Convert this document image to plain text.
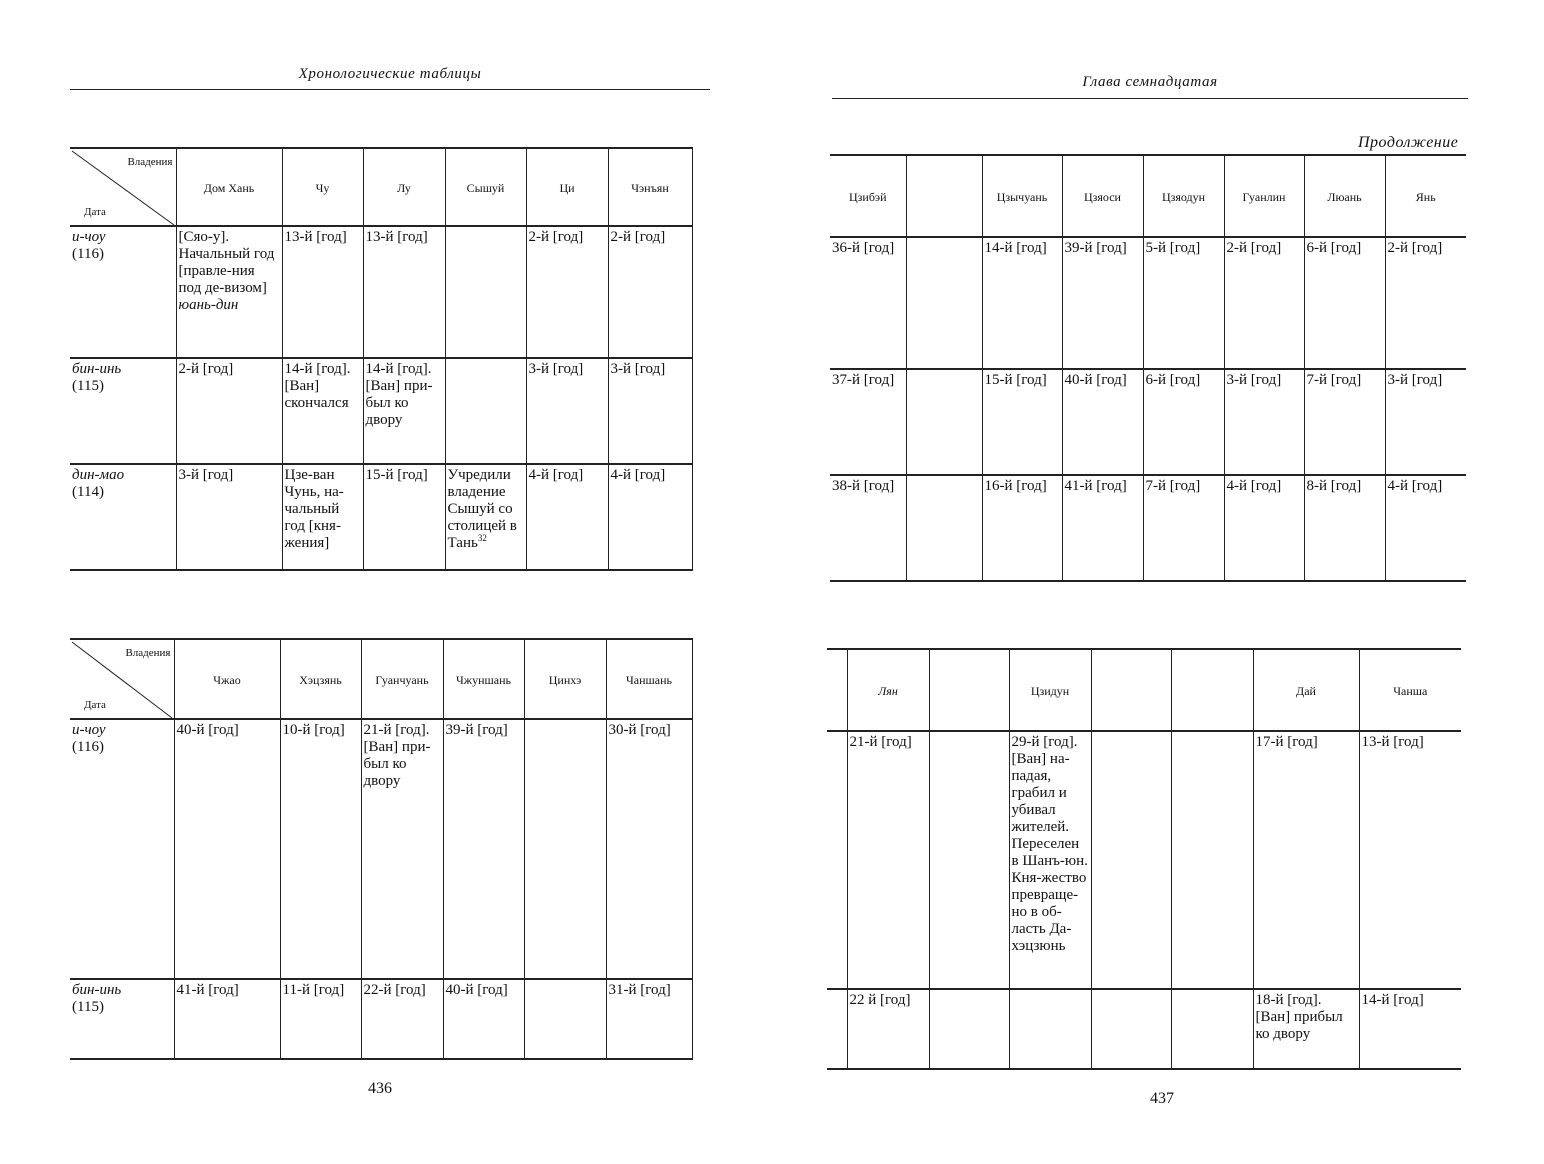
Хронологические таблицы
Владения
Дата	Дом Хань	Чу	Лу	Сышуй	Ци	Чэнъян

и-чоу
(116)	[Сяо-у]. Начальный год [правле-ния под де-визом] юань-дин	13-й [год]	13-й [год]		2-й [год]	2-й [год]

бин-инь
(115)	2-й [год]	14-й [год]. [Ван] скончался	14-й [год]. [Ван] при-был ко двору		3-й [год]	3-й [год]

дин-мао
(114)	3-й [год]	Цзе-ван Чунь, на-чальный год [кня-жения]	15-й [год]	Учредили владение Сышуй со столицей в Тань$^{32}$	4-й [год]	4-й [год]
Владения
Дата	Чжао	Хэцзянь	Гуанчуань	Чжуншань	Цинхэ	Чаншань

и-чоу
(116)	40-й [год]	10-й [год]	21-й [год]. [Ван] при-был ко двору	39-й [год]		30-й [год]

бин-инь
(115)	41-й [год]	11-й [год]	22-й [год]	40-й [год]		31-й [год]
436
Глава семнадцатая
Продолжение
Цзибэй		Цзычуань	Цзяоси	Цзяодун	Гуанлин	Люань	Янь
36-й [год]		14-й [год]	39-й [год]	5-й [год]	2-й [год]	6-й [год]	2-й [год]
37-й [год]		15-й [год]	40-й [год]	6-й [год]	3-й [год]	7-й [год]	3-й [год]
38-й [год]		16-й [год]	41-й [год]	7-й [год]	4-й [год]	8-й [год]	4-й [год]
	Лян		Цзидун			Дай	Чанша
	21-й [год]		29-й [год]. [Ван] на-падая, грабил и убивал жителей. Переселен в Шанъ-юн. Кня-жество превраще-но в об-ласть Да-хэцзюнь			17-й [год]	13-й [год]
	22 й [год]					18-й [год]. [Ван] прибыл ко двору	14-й [год]
437
